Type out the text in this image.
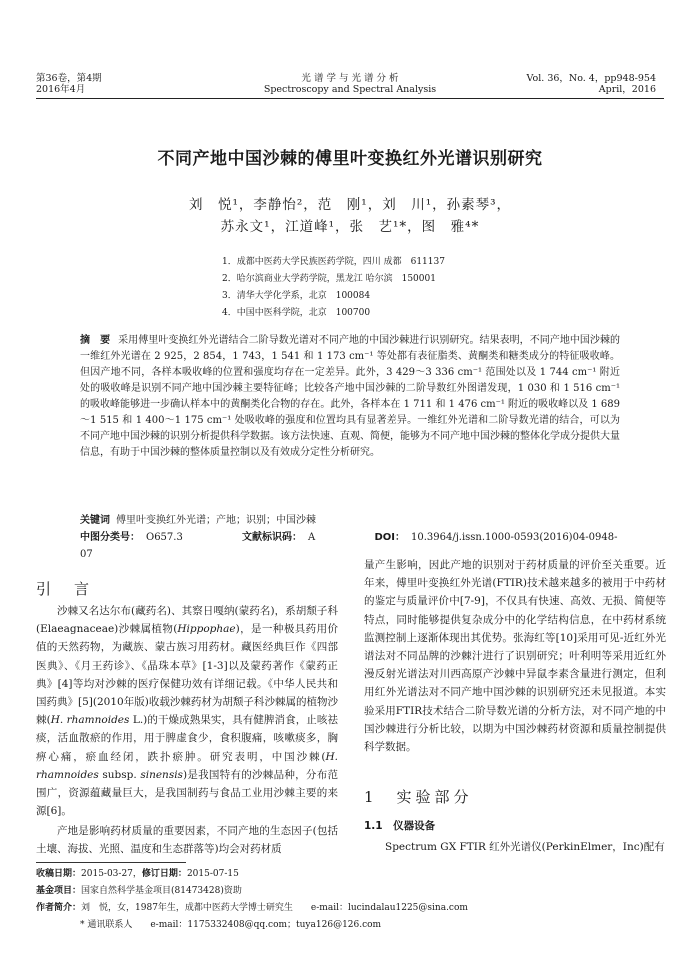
第36卷，第4期
2016年4月
光 谱 学 与 光 谱 分 析
Spectroscopy and Spectral Analysis
Vol. 36，No. 4，pp948-954
April，2016
不同产地中国沙棘的傅里叶变换红外光谱识别研究
刘　悦¹，李静怡²，范　刚¹，刘　川¹，孙素琴³，
苏永文¹，江道峰¹，张　艺¹*，图　雅⁴*
1．成都中医药大学民族医药学院，四川 成都　611137
2．哈尔滨商业大学药学院，黑龙江 哈尔滨　150001
3．清华大学化学系，北京　100084
4．中国中医科学院，北京　100700
摘　要 采用傅里叶变换红外光谱结合二阶导数光谱对不同产地的中国沙棘进行识别研究。结果表明，不同产地中国沙棘的一维红外光谱在 2 925，2 854，1 743，1 541 和 1 173 cm⁻¹ 等处都有表征脂类、黄酮类和糖类成分的特征吸收峰。但因产地不同，各样本吸收峰的位置和强度均存在一定差异。此外，3 429～3 336 cm⁻¹ 范围处以及 1 744 cm⁻¹ 附近处的吸收峰是识别不同产地中国沙棘主要特征峰；比较各产地中国沙棘的二阶导数红外图谱发现，1 030 和 1 516 cm⁻¹ 的吸收峰能够进一步确认样本中的黄酮类化合物的存在。此外，各样本在 1 711 和 1 476 cm⁻¹ 附近的吸收峰以及 1 689～1 515 和 1 400～1 175 cm⁻¹ 处吸收峰的强度和位置均具有显著差异。一维红外光谱和二阶导数光谱的结合，可以为不同产地中国沙棘的识别分析提供科学数据。该方法快速、直观、简便，能够为不同产地中国沙棘的整体化学成分提供大量信息，有助于中国沙棘的整体质量控制以及有效成分定性分析研究。
关键词 傅里叶变换红外光谱；产地；识别；中国沙棘
中图分类号： O657.3	文献标识码： A	DOI： 10.3964/j.issn.1000-0593(2016)04-0948-07
引　言
沙棘又名达尔布(藏药名)、其察日嘎纳(蒙药名)，系胡颓子科(Elaeagnaceae)沙棘属植物(Hippophae)，是一种极具药用价值的天然药物，为藏族、蒙古族习用药材。藏医经典巨作《四部医典》、《月王药诊》、《晶珠本草》[1-3]以及蒙药著作《蒙药正典》[4]等均对沙棘的医疗保健功效有详细记载。《中华人民共和国药典》[5](2010年版)收载沙棘药材为胡颓子科沙棘属的植物沙棘(H. rhamnoides L.)的干燥成熟果实，具有健脾消食，止咳祛痰，活血散瘀的作用，用于脾虚食少，食积腹痛，咳嗽痰多，胸痹心痛，瘀血经闭，跌扑瘀肿。研究表明，中国沙棘(H. rhamnoides subsp. sinensis)是我国特有的沙棘品种，分布范围广，资源蕴藏量巨大，是我国制药与食品工业用沙棘主要的来源[6]。
产地是影响药材质量的重要因素，不同产地的生态因子(包括土壤、海拔、光照、温度和生态群落等)均会对药材质
量产生影响，因此产地的识别对于药材质量的评价至关重要。近年来，傅里叶变换红外光谱(FTIR)技术越来越多的被用于中药材的鉴定与质量评价中[7-9]，不仅具有快速、高效、无损、简便等特点，同时能够提供复杂成分中的化学结构信息，在中药材系统监测控制上逐渐体现出其优势。张海红等[10]采用可见-近红外光谱法对不同品牌的沙棘汁进行了识别研究；叶利明等采用近红外漫反射光谱法对川西高原产沙棘中异鼠李素含量进行测定，但利用红外光谱法对不同产地中国沙棘的识别研究还未见报道。本实验采用FTIR技术结合二阶导数光谱的分析方法，对不同产地的中国沙棘进行分析比较，以期为中国沙棘药材资源和质量控制提供科学数据。
1　实验部分
1.1　仪器设备
Spectrum GX FTIR 红外光谱仪(PerkinElmer，Inc)配有
收稿日期：2015-03-27，修订日期：2015-07-15
基金项目：国家自然科学基金项目(81473428)资助
作者简介：刘　悦，女，1987年生，成都中医药大学博士研究生　　e-mail：lucindalau1225@sina.com
* 通讯联系人　　e-mail：1175332408@qq.com；tuya126@126.com
